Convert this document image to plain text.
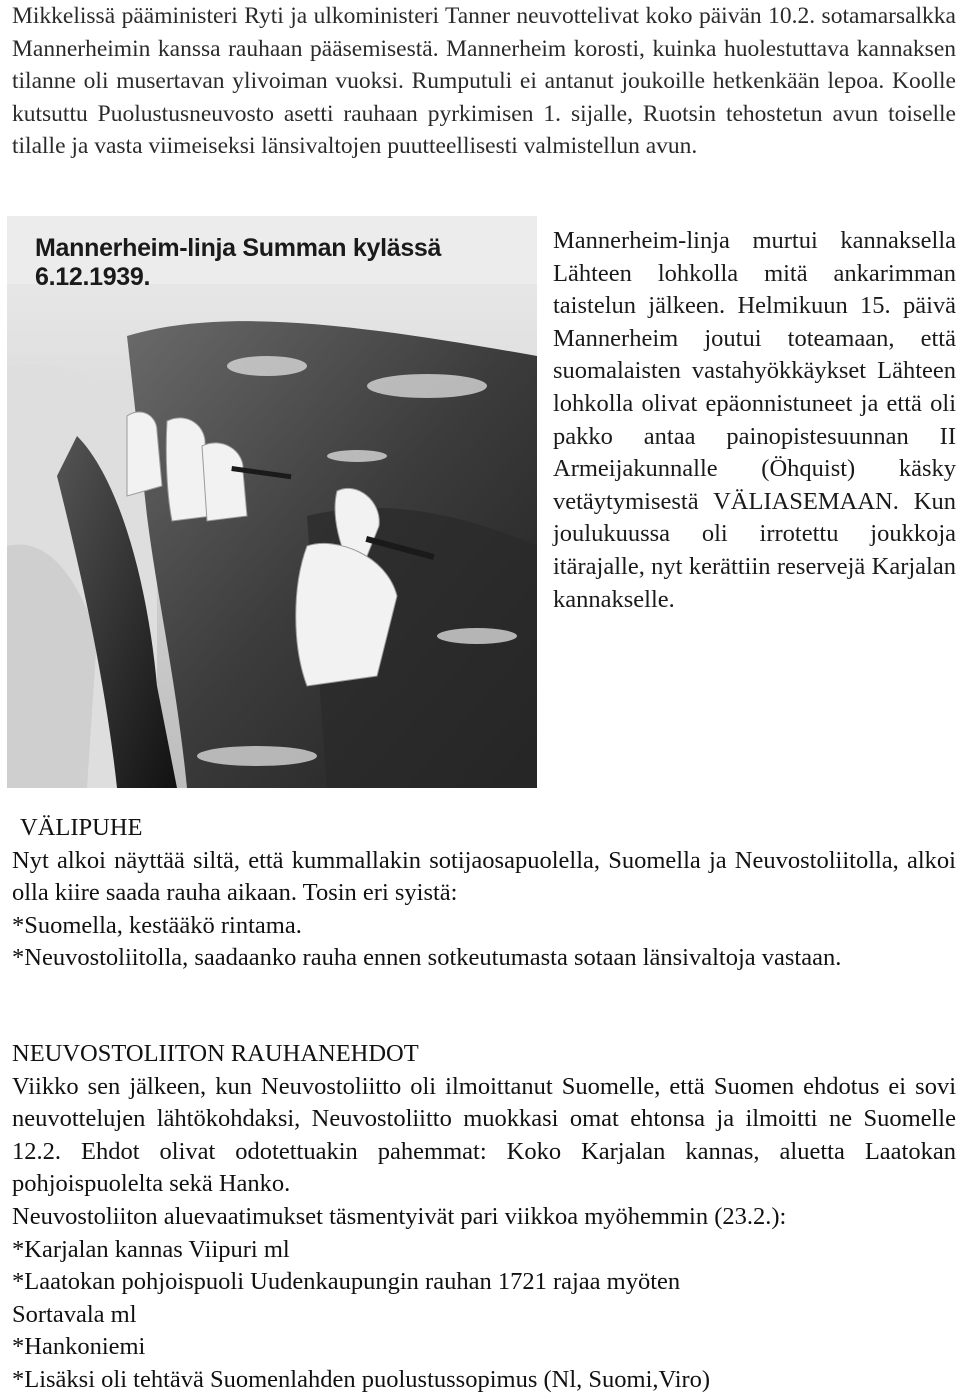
Mikkelissä pääministeri Ryti ja ulkoministeri Tanner neuvottelivat koko päivän 10.2. sotamarsalkka Mannerheimin kanssa rauhaan pääsemisestä. Mannerheim korosti, kuinka huolestuttava kannaksen tilanne oli musertavan ylivoiman vuoksi. Rumputuli ei antanut joukoille hetkenkään lepoa. Koolle kutsuttu Puolustusneuvosto asetti rauhaan pyrkimisen 1. sijalle, Ruotsin tehostetun avun toiselle tilalle ja vasta viimeiseksi länsivaltojen puutteellisesti valmistellun avun.

Mannerheim-linja Summan kylässä 6.12.1939.

Mannerheim-linja murtui kannaksella Lähteen lohkolla mitä ankarimman taistelun jälkeen. Helmikuun 15. päivä Mannerheim joutui toteamaan, että suomalaisten vastahyökkäykset Lähteen lohkolla olivat epäonnistuneet ja että oli pakko antaa painopistesuunnan II Armeijakunnalle (Öhquist) käsky vetäytymisestä VÄLIASEMAAN. Kun joulukuussa oli irrotettu joukkoja itärajalle, nyt kerättiin reservejä Karjalan kannakselle.

VÄLIPUHE

Nyt alkoi näyttää siltä, että kummallakin sotijaosapuolella, Suomella ja Neuvostoliitolla, alkoi olla kiire saada rauha aikaan. Tosin eri syistä:

*Suomella, kestääkö rintama.

*Neuvostoliitolla, saadaanko rauha ennen sotkeutumasta sotaan länsivaltoja vastaan.

NEUVOSTOLIITON RAUHANEHDOT

Viikko sen jälkeen, kun Neuvostoliitto oli ilmoittanut Suomelle, että Suomen ehdotus ei sovi neuvottelujen lähtökohdaksi, Neuvostoliitto muokkasi omat ehtonsa ja ilmoitti ne Suomelle 12.2. Ehdot olivat odotettuakin pahemmat: Koko Karjalan kannas, aluetta Laatokan pohjoispuolelta sekä Hanko.

Neuvostoliiton aluevaatimukset täsmentyivät pari viikkoa myöhemmin (23.2.):
*Karjalan kannas Viipuri ml
*Laatokan pohjoispuoli Uudenkaupungin rauhan 1721 rajaa myöten
Sortavala ml
*Hankoniemi
*Lisäksi oli tehtävä Suomenlahden puolustussopimus (Nl, Suomi,Viro)
